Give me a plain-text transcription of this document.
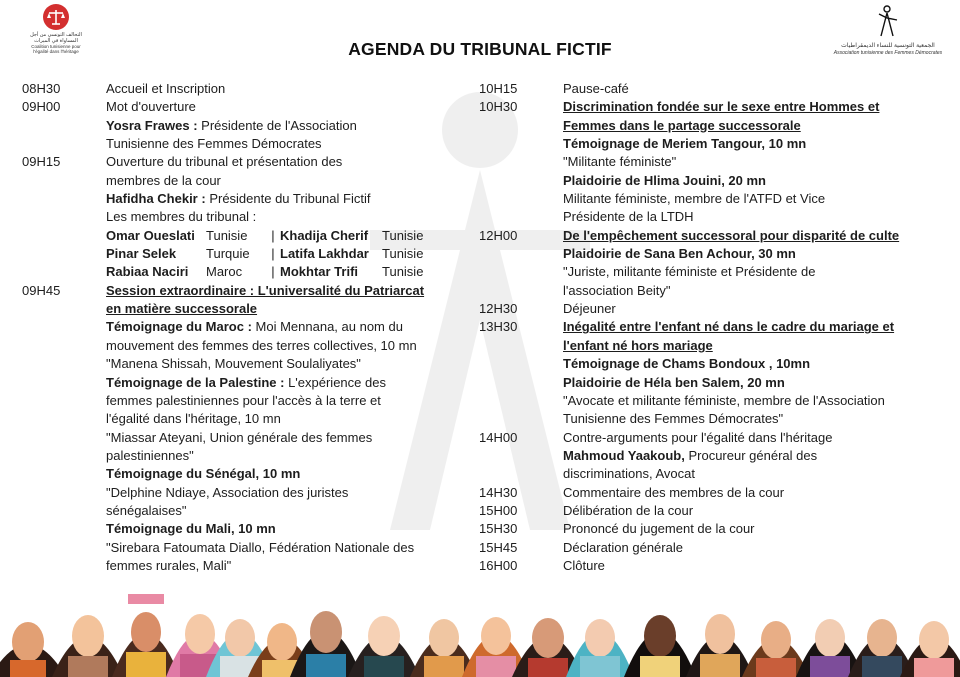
التحالف التونسي من أجل المساواة في الميراث
Coalition tunisienne pour l'égalité dans l'héritage
الجمعية التونسية للنساء الديمقراطيات
Association tunisienne des Femmes Démocrates
AGENDA DU TRIBUNAL FICTIF
08H30	Accueil et Inscription
09H00	Mot d'ouverture
Yosra Frawes : Présidente de l'Association
Tunisienne des Femmes Démocrates
09H15	Ouverture du tribunal et présentation des
membres de la cour
Hafidha Chekir : Présidente du Tribunal Fictif
Les membres du tribunal :
Omar Oueslati Tunisie	| Khadija Cherif	Tunisie
Pinar Selek	Turquie	| Latifa Lakhdar	Tunisie
Rabiaa Naciri	Maroc	| Mokhtar Trifi	Tunisie
09H45	Session extraordinaire : L'universalité du Patriarcat
en matière successorale
Témoignage du Maroc : Moi Mennana, au nom du
mouvement des femmes des terres collectives, 10 mn
"Manena Shissah, Mouvement Soulaliyates"
Témoignage de la Palestine : L'expérience des
femmes palestiniennes pour l'accès à la terre et
l'égalité dans l'héritage, 10 mn
"Miassar Ateyani, Union générale des femmes
palestiniennes"
Témoignage du Sénégal, 10 mn
"Delphine Ndiaye, Association des juristes
sénégalaises"
Témoignage du Mali, 10 mn
"Sirebara Fatoumata Diallo, Fédération Nationale des
femmes rurales, Mali"
10H15	Pause-café
10H30	Discrimination fondée sur le sexe entre Hommes et
Femmes dans le partage successorale
Témoignage de Meriem Tangour, 10 mn
"Militante féministe"
Plaidoirie de Hlima Jouini, 20 mn
Militante féministe, membre de l'ATFD et Vice
Présidente de la LTDH
12H00	De l'empêchement successoral pour disparité de culte
Plaidoirie de Sana Ben Achour, 30 mn
"Juriste, militante féministe et Présidente de
l'association Beity"
12H30	Déjeuner
13H30	Inégalité entre l'enfant né dans le cadre du mariage et
l'enfant né hors mariage
Témoignage de Chams Bondoux , 10mn
Plaidoirie de Héla ben Salem, 20 mn
"Avocate et militante féministe, membre de l'Association
Tunisienne des Femmes Démocrates"
14H00	Contre-arguments pour l'égalité dans l'héritage
Mahmoud Yaakoub, Procureur général des
discriminations, Avocat
14H30	Commentaire des membres de la cour
15H00	Délibération de la cour
15H30	Prononcé du jugement de la cour
15H45	Déclaration générale
16H00	Clôture
